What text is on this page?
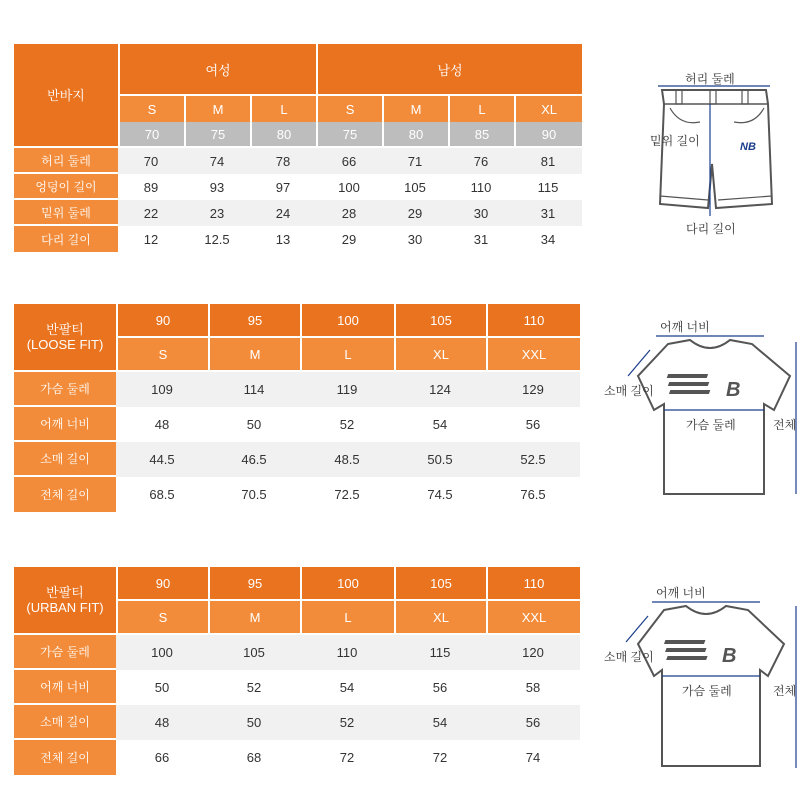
반바지	여성			남성			
	S	M	L	S	M	L	XL
	70	75	80	75	80	85	90
허리 둘레	70	74	78	66	71	76	81
엉덩이 길이	89	93	97	100	105	110	115
밑위 둘레	22	23	24	28	29	30	31
다리 길이	12	12.5	13	29	30	31	34
반팔티
(LOOSE FIT)	90	95	100	105	110
	S	M	L	XL	XXL
가슴 둘레	109	114	119	124	129
어깨 너비	48	50	52	54	56
소매 길이	44.5	46.5	48.5	50.5	52.5
전체 길이	68.5	70.5	72.5	74.5	76.5
반팔티
(URBAN FIT)	90	95	100	105	110
	S	M	L	XL	XXL
가슴 둘레	100	105	110	115	120
어깨 너비	50	52	54	56	58
소매 길이	48	50	52	54	56
전체 길이	66	68	72	72	74
NB
허리 둘레
밑위 길이
다리 길이
B
어깨 너비
소매 길이
가슴 둘레	전체
B
어깨 너비
소매 길이
가슴 둘레	전체
